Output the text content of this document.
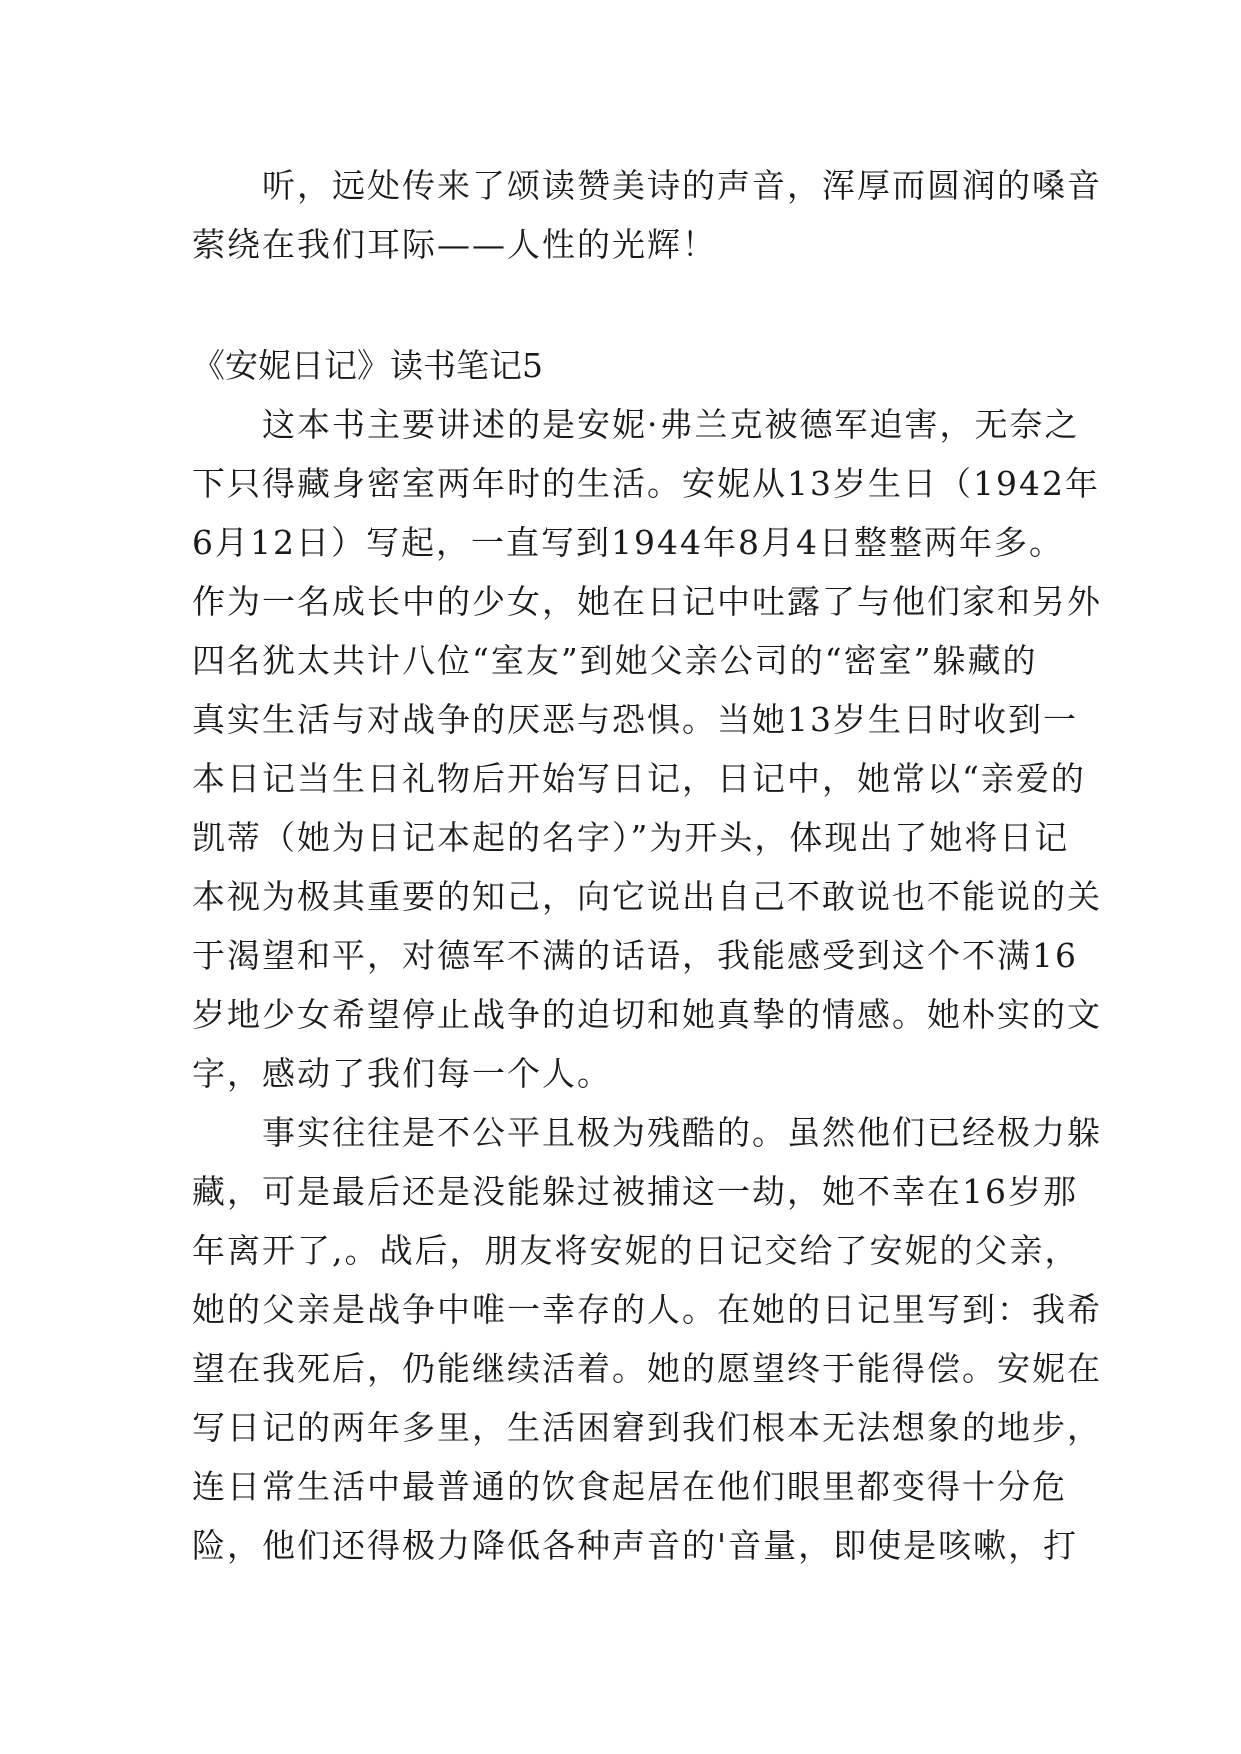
　　听，远处传来了颂读赞美诗的声音，浑厚而圆润的嗓音
萦绕在我们耳际——人性的光辉！
《安妮日记》读书笔记5
　　这本书主要讲述的是安妮·弗兰克被德军迫害，无奈之
下只得藏身密室两年时的生活。安妮从13岁生日（1942年
6月12日）写起，一直写到1944年8月4日整整两年多。
作为一名成长中的少女，她在日记中吐露了与他们家和另外
四名犹太共计八位“室友”到她父亲公司的“密室”躲藏的
真实生活与对战争的厌恶与恐惧。当她13岁生日时收到一
本日记当生日礼物后开始写日记，日记中，她常以“亲爱的
凯蒂（她为日记本起的名字）”为开头，体现出了她将日记
本视为极其重要的知己，向它说出自己不敢说也不能说的关
于渴望和平，对德军不满的话语，我能感受到这个不满16
岁地少女希望停止战争的迫切和她真挚的情感。她朴实的文
字，感动了我们每一个人。
　　事实往往是不公平且极为残酷的。虽然他们已经极力躲
藏，可是最后还是没能躲过被捕这一劫，她不幸在16岁那
年离开了,。战后，朋友将安妮的日记交给了安妮的父亲，
她的父亲是战争中唯一幸存的人。在她的日记里写到：我希
望在我死后，仍能继续活着。她的愿望终于能得偿。安妮在
写日记的两年多里，生活困窘到我们根本无法想象的地步，
连日常生活中最普通的饮食起居在他们眼里都变得十分危
险，他们还得极力降低各种声音的'音量，即使是咳嗽，打
